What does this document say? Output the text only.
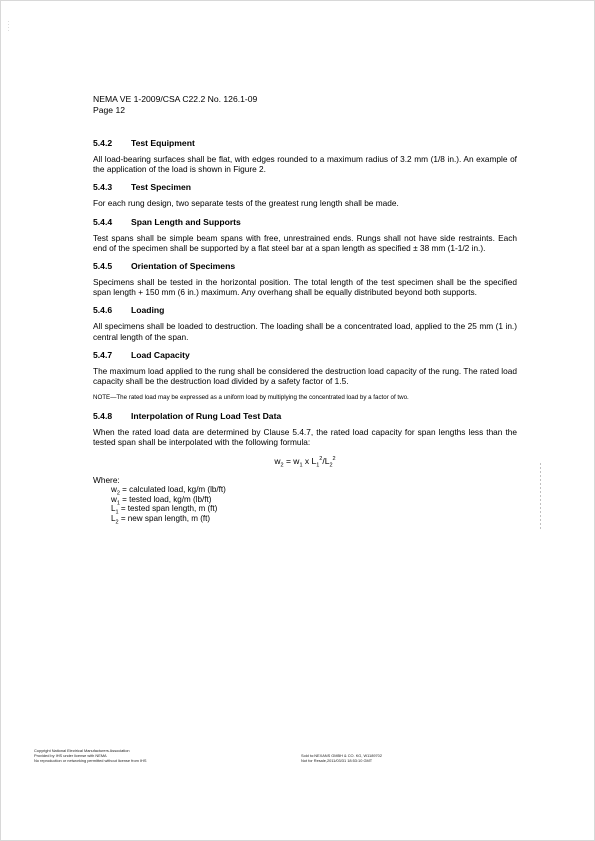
NEMA VE 1-2009/CSA C22.2 No. 126.1-09
Page 12
5.4.2 Test Equipment

All load-bearing surfaces shall be flat, with edges rounded to a maximum radius of 3.2 mm (1/8 in.). An example of the application of the load is shown in Figure 2.

5.4.3 Test Specimen

For each rung design, two separate tests of the greatest rung length shall be made.

5.4.4 Span Length and Supports

Test spans shall be simple beam spans with free, unrestrained ends. Rungs shall not have side restraints. Each end of the specimen shall be supported by a flat steel bar at a span length as specified ± 38 mm (1-1/2 in.).

5.4.5 Orientation of Specimens

Specimens shall be tested in the horizontal position. The total length of the test specimen shall be the specified span length + 150 mm (6 in.) maximum. Any overhang shall be equally distributed beyond both supports.

5.4.6 Loading

All specimens shall be loaded to destruction. The loading shall be a concentrated load, applied to the 25 mm (1 in.) central length of the span.

5.4.7 Load Capacity

The maximum load applied to the rung shall be considered the destruction load capacity of the rung. The rated load capacity shall be the destruction load divided by a safety factor of 1.5.

NOTE—The rated load may be expressed as a uniform load by multiplying the concentrated load by a factor of two.

5.4.8 Interpolation of Rung Load Test Data

When the rated load data are determined by Clause 5.4.7, the rated load capacity for span lengths less than the tested span shall be interpolated with the following formula:

$w_2 = w_1$ x $L_1^2/L_2^2$

Where:

$w_2$ = calculated load, kg/m (lb/ft)
$w_1$ = tested load, kg/m (lb/ft)
$L_1$ = tested span length, m (ft)
$L_2$ = new span length, m (ft)
Copyright National Electrical Manufacturers Association
Provided by IHS under license with NEMA
No reproduction or networking permitted without license from IHS
Sold to:NEXANS GMBH & CO. KG, W1189702
Not for Resale,2011/03/31 18:53:10 GMT
